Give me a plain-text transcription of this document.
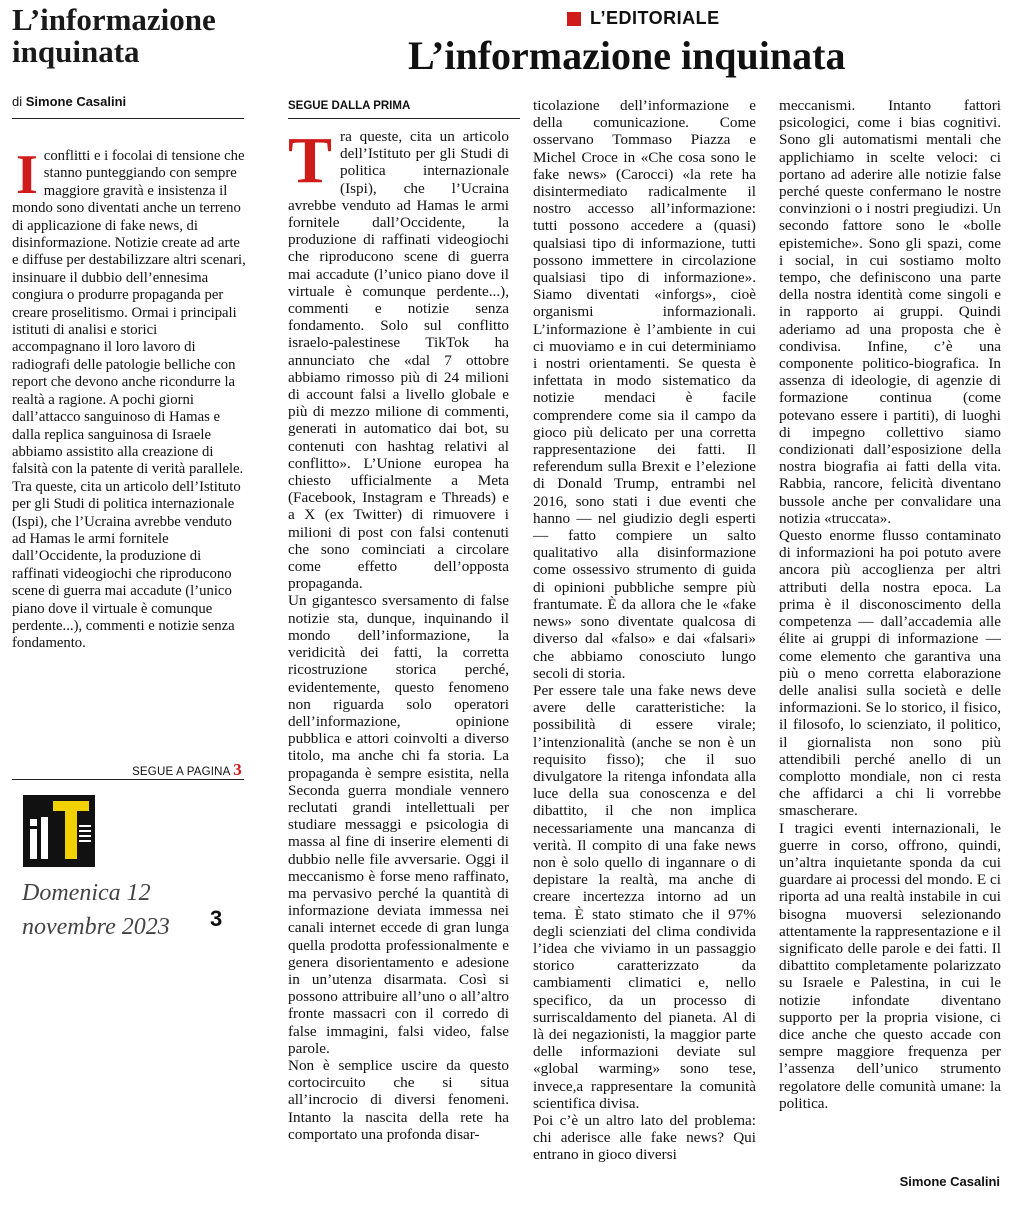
L’informazione inquinata
di Simone Casalini

Iconflitti e i focolai di tensione che stanno punteggiando con sempre maggiore gravità e insistenza il mondo sono diventati anche un terreno di applicazione di fake news, di disinformazione. Notizie create ad arte e diffuse per destabilizzare altri scenari, insinuare il dubbio dell’ennesima congiura o produrre propaganda per creare proselitismo. Ormai i principali istituti di analisi e storici accompagnano il loro lavoro di radiografi delle patologie belliche con report che devono anche ricondurre la realtà a ragione. A pochi giorni dall’attacco sanguinoso di Hamas e dalla replica sanguinosa di Israele abbiamo assistito alla creazione di falsità con la patente di verità parallele. Tra queste, cita un articolo dell’Istituto per gli Studi di politica internazionale (Ispi), che l’Ucraina avrebbe venduto ad Hamas le armi fornitele dall’Occidente, la produzione di raffinati videogiochi che riproducono scene di guerra mai accadute (l’unico piano dove il virtuale è comunque perdente...), commenti e notizie senza fondamento.

SEGUE A PAGINA 3
Domenica 12 novembre 2023	3
L’EDITORIALE
L’informazione inquinata
SEGUE DALLA PRIMA

Tra queste, cita un articolo dell’Istituto per gli Studi di politica internazionale (Ispi), che l’Ucraina avrebbe venduto ad Hamas le armi fornitele dall’Occidente, la produzione di raffinati videogiochi che riproducono scene di guerra mai accadute (l’unico piano dove il virtuale è comunque perdente...), commenti e notizie senza fondamento. Solo sul conflitto israelo-palestinese TikTok ha annunciato che «dal 7 ottobre abbiamo rimosso più di 24 milioni di account falsi a livello globale e più di mezzo milione di commenti, generati in automatico dai bot, su contenuti con hashtag relativi al conflitto». L’Unione europea ha chiesto ufficialmente a Meta (Facebook, Instagram e Threads) e a X (ex Twitter) di rimuovere i milioni di post con falsi contenuti che sono cominciati a circolare come effetto dell’opposta propaganda.

Un gigantesco sversamento di false notizie sta, dunque, inquinando il mondo dell’informazione, la veridicità dei fatti, la corretta ricostruzione storica perché, evidentemente, questo fenomeno non riguarda solo operatori dell’informazione, opinione pubblica e attori coinvolti a diverso titolo, ma anche chi fa storia. La propaganda è sempre esistita, nella Seconda guerra mondiale vennero reclutati grandi intellettuali per studiare messaggi e psicologia di massa al fine di inserire elementi di dubbio nelle file avversarie. Oggi il meccanismo è forse meno raffinato, ma pervasivo perché la quantità di informazione deviata immessa nei canali internet eccede di gran lunga quella prodotta professionalmente e genera disorientamento e adesione in un’utenza disarmata. Così si possono attribuire all’uno o all’altro fronte massacri con il corredo di false immagini, falsi video, false parole.

Non è semplice uscire da questo cortocircuito che si situa all’incrocio di diversi fenomeni. Intanto la nascita della rete ha comportato una profonda disar-

ticolazione dell’informazione e della comunicazione. Come osservano Tommaso Piazza e Michel Croce in «Che cosa sono le fake news» (Carocci) «la rete ha disintermediato radicalmente il nostro accesso all’informazione: tutti possono accedere a (quasi) qualsiasi tipo di informazione, tutti possono immettere in circolazione qualsiasi tipo di informazione». Siamo diventati «inforgs», cioè organismi informazionali. L’informazione è l’ambiente in cui ci muoviamo e in cui determiniamo i nostri orientamenti. Se questa è infettata in modo sistematico da notizie mendaci è facile comprendere come sia il campo da gioco più delicato per una corretta rappresentazione dei fatti. Il referendum sulla Brexit e l’elezione di Donald Trump, entrambi nel 2016, sono stati i due eventi che hanno — nel giudizio degli esperti — fatto compiere un salto qualitativo alla disinformazione come ossessivo strumento di guida di opinioni pubbliche sempre più frantumate. È da allora che le «fake news» sono diventate qualcosa di diverso dal «falso» e dai «falsari» che abbiamo conosciuto lungo secoli di storia.

Per essere tale una fake news deve avere delle caratteristiche: la possibilità di essere virale; l’intenzionalità (anche se non è un requisito fisso); che il suo divulgatore la ritenga infondata alla luce della sua conoscenza e del dibattito, il che non implica necessariamente una mancanza di verità. Il compito di una fake news non è solo quello di ingannare o di depistare la realtà, ma anche di creare incertezza intorno ad un tema. È stato stimato che il 97% degli scienziati del clima condivida l’idea che viviamo in un passaggio storico caratterizzato da cambiamenti climatici e, nello specifico, da un processo di surriscaldamento del pianeta. Al di là dei negazionisti, la maggior parte delle informazioni deviate sul «global warming» sono tese, invece,a rappresentare la comunità scientifica divisa.

Poi c’è un altro lato del problema: chi aderisce alle fake news? Qui entrano in gioco diversi

meccanismi. Intanto fattori psicologici, come i bias cognitivi. Sono gli automatismi mentali che applichiamo in scelte veloci: ci portano ad aderire alle notizie false perché queste confermano le nostre convinzioni o i nostri pregiudizi. Un secondo fattore sono le «bolle epistemiche». Sono gli spazi, come i social, in cui sostiamo molto tempo, che definiscono una parte della nostra identità come singoli e in rapporto ai gruppi. Quindi aderiamo ad una proposta che è condivisa. Infine, c’è una componente politico-biografica. In assenza di ideologie, di agenzie di formazione continua (come potevano essere i partiti), di luoghi di impegno collettivo siamo condizionati dall’esposizione della nostra biografia ai fatti della vita. Rabbia, rancore, felicità diventano bussole anche per convalidare una notizia «truccata».

Questo enorme flusso contaminato di informazioni ha poi potuto avere ancora più accoglienza per altri attributi della nostra epoca. La prima è il disconoscimento della competenza — dall’accademia alle élite ai gruppi di informazione — come elemento che garantiva una più o meno corretta elaborazione delle analisi sulla società e delle informazioni. Se lo storico, il fisico, il filosofo, lo scienziato, il politico, il giornalista non sono più attendibili perché anello di un complotto mondiale, non ci resta che affidarci a chi li vorrebbe smascherare.

I tragici eventi internazionali, le guerre in corso, offrono, quindi, un’altra inquietante sponda da cui guardare ai processi del mondo. E ci riporta ad una realtà instabile in cui bisogna muoversi selezionando attentamente la rappresentazione e il significato delle parole e dei fatti. Il dibattito completamente polarizzato su Israele e Palestina, in cui le notizie infondate diventano supporto per la propria visione, ci dice anche che questo accade con sempre maggiore frequenza per l’assenza dell’unico strumento regolatore delle comunità umane: la politica.

Simone Casalini
